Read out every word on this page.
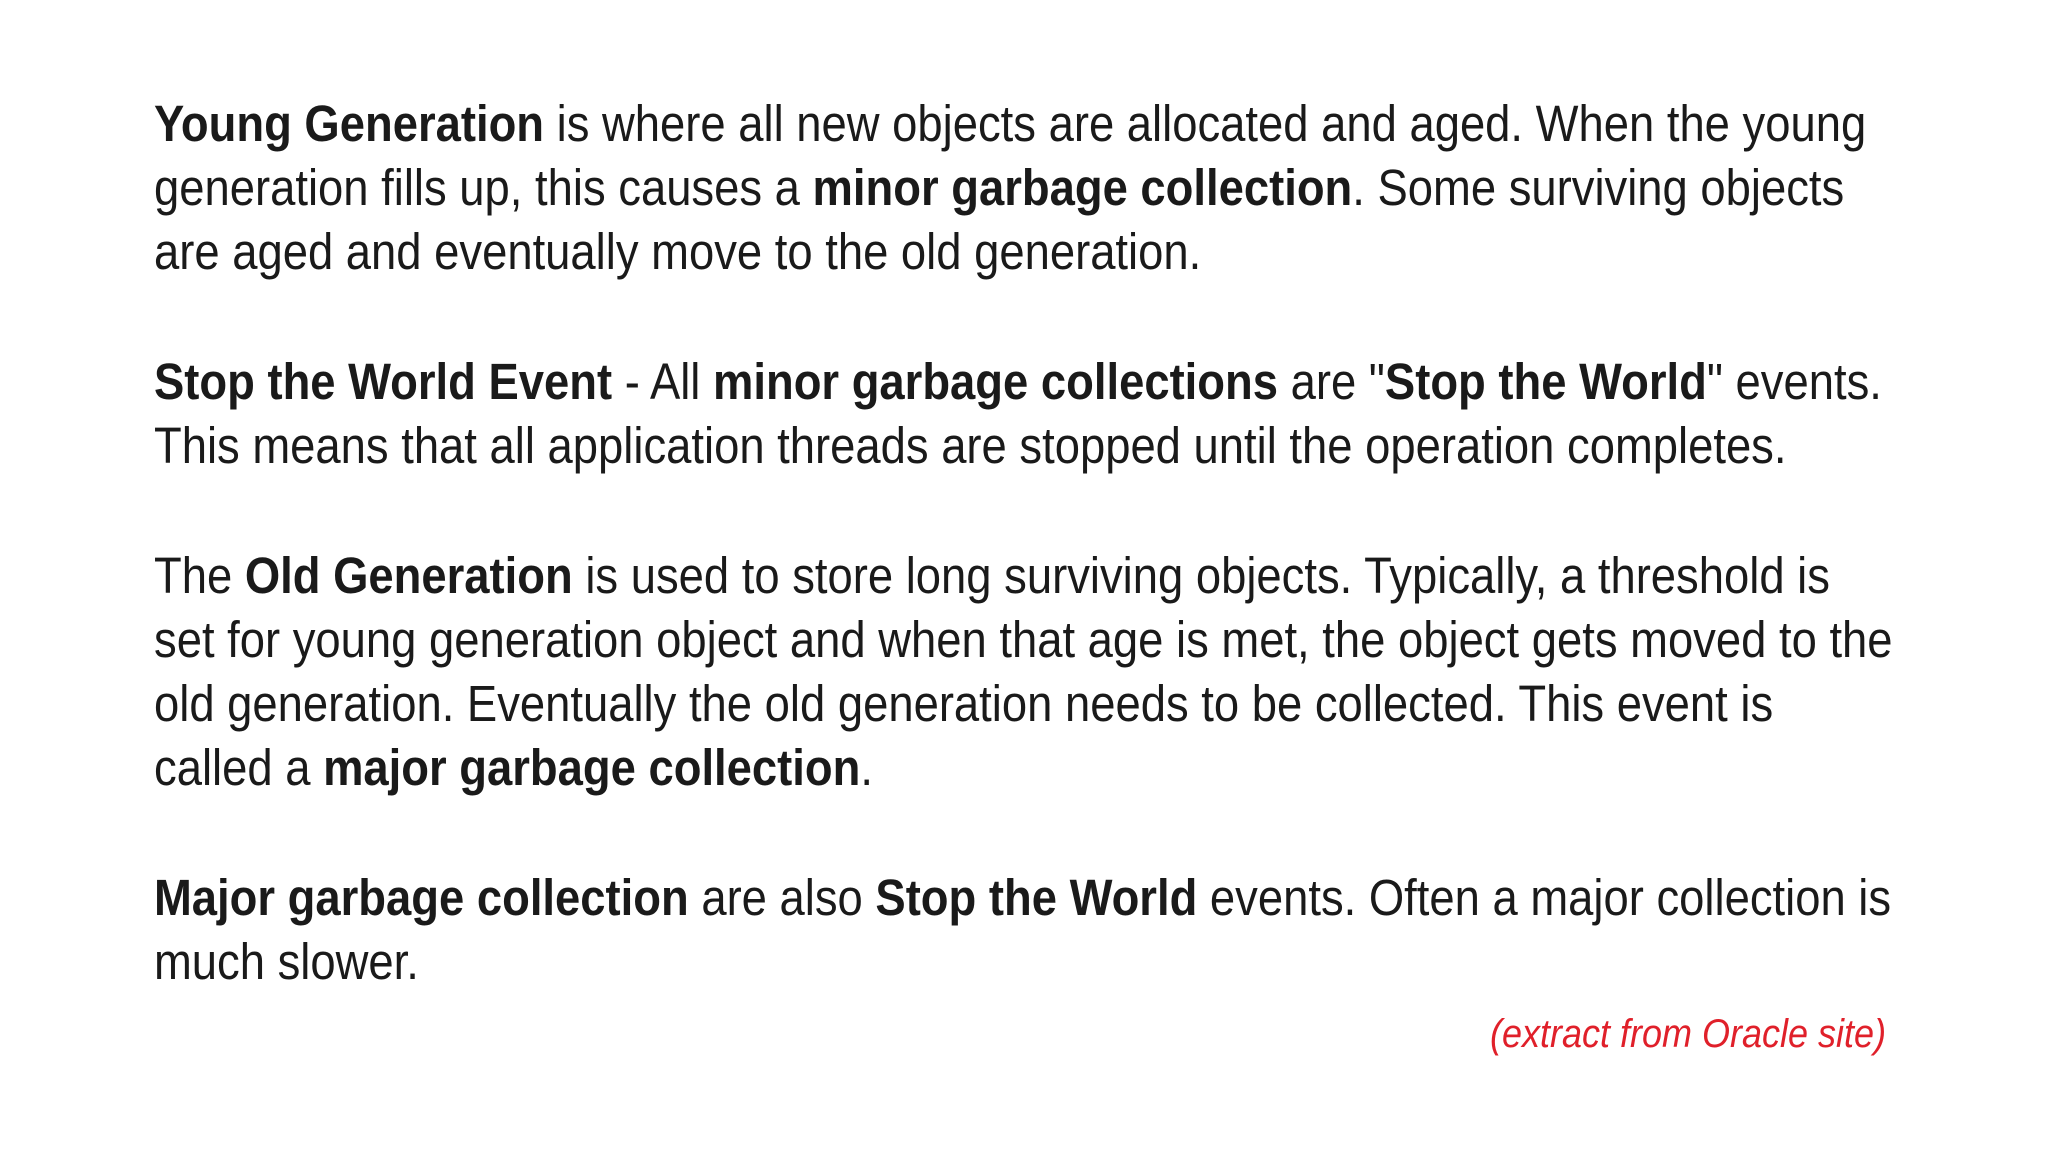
Young Generation is where all new objects are allocated and aged. When the young generation fills up, this causes a minor garbage collection. Some surviving objects are aged and eventually move to the old generation.

Stop the World Event - All minor garbage collections are "Stop the World" events. This means that all application threads are stopped until the operation completes.

The Old Generation is used to store long surviving objects. Typically, a threshold is set for young generation object and when that age is met, the object gets moved to the old generation. Eventually the old generation needs to be collected. This event is called a major garbage collection.

Major garbage collection are also Stop the World events. Often a major collection is much slower.

(extract from Oracle site)
